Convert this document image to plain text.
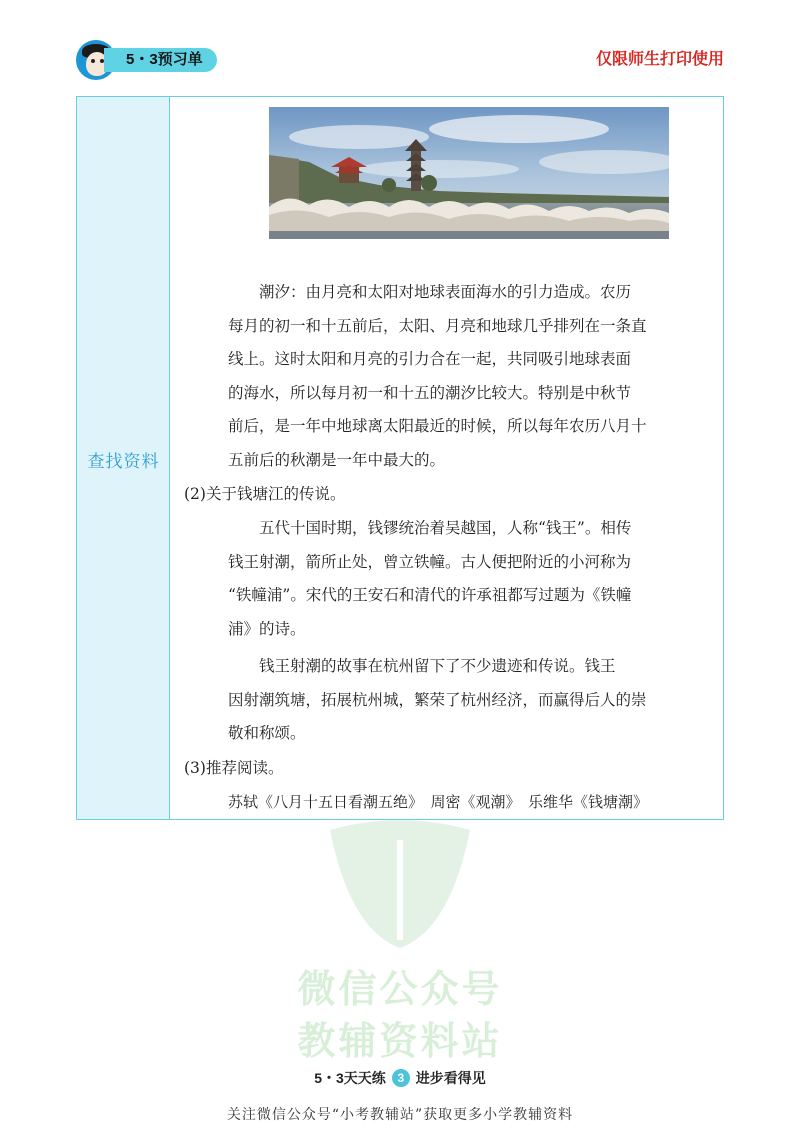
5・3预习单	仅限师生打印使用
查找资料
潮汐：由月亮和太阳对地球表面海水的引力造成。农历
每月的初一和十五前后，太阳、月亮和地球几乎排列在一条直
线上。这时太阳和月亮的引力合在一起，共同吸引地球表面
的海水，所以每月初一和十五的潮汐比较大。特别是中秋节
前后，是一年中地球离太阳最近的时候，所以每年农历八月十
五前后的秋潮是一年中最大的。
(2)关于钱塘江的传说。
五代十国时期，钱镠统治着吴越国，人称“钱王”。相传
钱王射潮，箭所止处，曾立铁幢。古人便把附近的小河称为
“铁幢浦”。宋代的王安石和清代的许承祖都写过题为《铁幢
浦》的诗。
钱王射潮的故事在杭州留下了不少遗迹和传说。钱王
因射潮筑塘，拓展杭州城，繁荣了杭州经济，而赢得后人的崇
敬和称颂。
(3)推荐阅读。
苏轼《八月十五日看潮五绝》　周密《观潮》　乐维华《钱塘潮》
微信公众号
教辅资料站
5・3天天练 3 进步看得见
关注微信公众号“小考教辅站”获取更多小学教辅资料
